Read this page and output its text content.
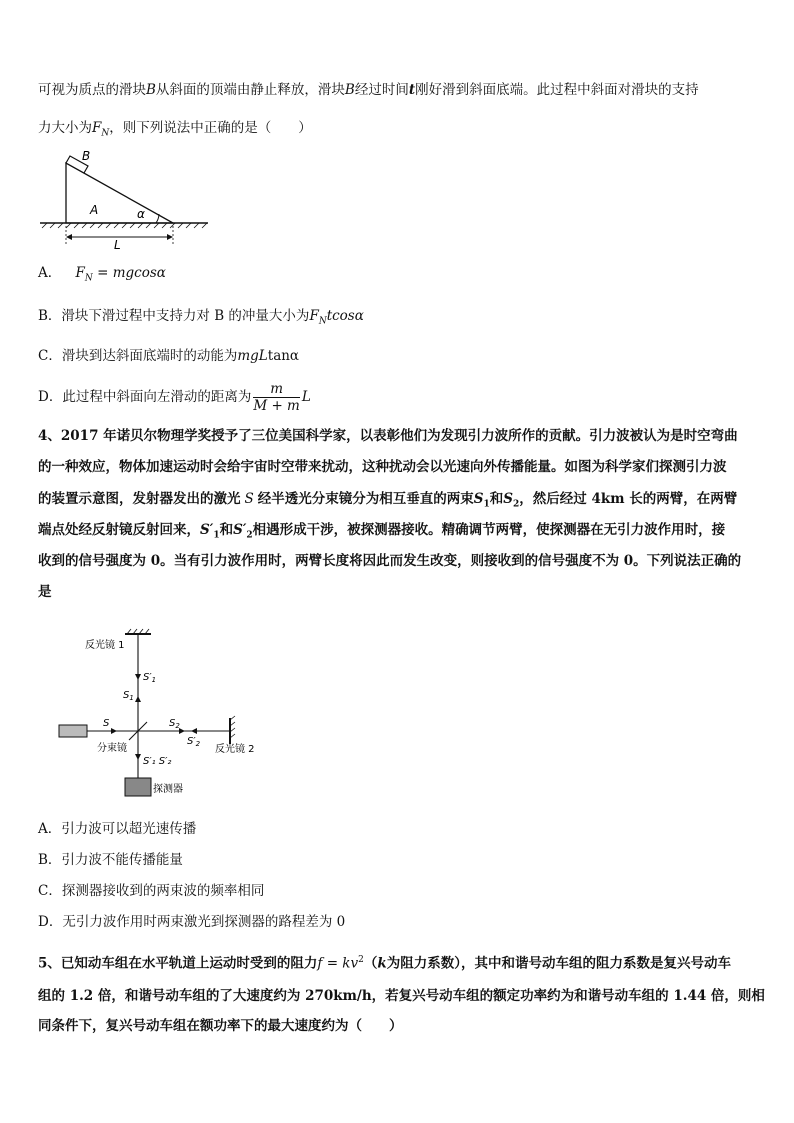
可视为质点的滑块B从斜面的顶端由静止释放，滑块B经过时间t刚好滑到斜面底端。此过程中斜面对滑块的支持
力大小为$F_N$，则下列说法中正确的是（　　）
B
A	α
L
A． $F_N = mgcos\alpha$
B．滑块下滑过程中支持力对 B 的冲量大小为$F_Ntcos\alpha$
C．滑块到达斜面底端时的动能为mgLtanα
D．此过程中斜面向左滑动的距离为 $\frac{m}{M + m}$ L
4、2017 年诺贝尔物理学奖授予了三位美国科学家，以表彰他们为发现引力波所作的贡献。引力波被认为是时空弯曲
的一种效应，物体加速运动时会给宇宙时空带来扰动，这种扰动会以光速向外传播能量。如图为科学家们探测引力波
的装置示意图，发射器发出的激光 S 经半透光分束镜分为相互垂直的两束$S_1$和$S_2$，然后经过 4km 长的两臂，在两臂
端点处经反射镜反射回来，$S'_1$和$S'_2$相遇形成干涉，被探测器接收。精确调节两臂，使探测器在无引力波作用时，接
收到的信号强度为 0。当有引力波作用时，两臂长度将因此而发生改变，则接收到的信号强度不为 0。下列说法正确的
是
反光镜 1
$S'_1$
$S_1$
S
分束镜
$S_2$
$S'_2$ 反光镜 2
S′₁ S′₂
探测器
A．引力波可以超光速传播
B．引力波不能传播能量
C．探测器接收到的两束波的频率相同
D．无引力波作用时两束激光到探测器的路程差为 0
5、已知动车组在水平轨道上运动时受到的阻力$f = kv^2(k$为阻力系数），其中和谐号动车组的阻力系数是复兴号动车
组的 1.2 倍，和谐号动车组的了大速度约为 270km/h，若复兴号动车组的额定功率约为和谐号动车组的 1.44 倍，则相
同条件下，复兴号动车组在额功率下的最大速度约为（　　）
